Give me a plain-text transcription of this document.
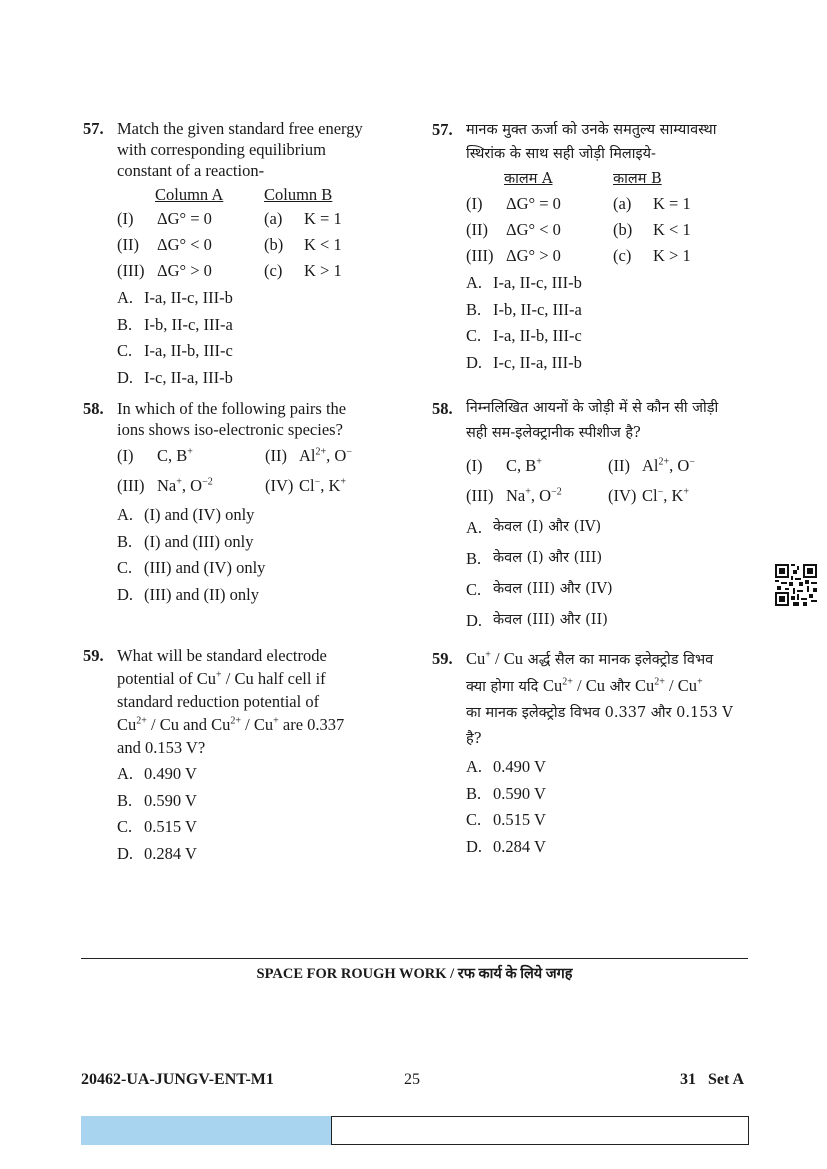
57. Match the given standard free energy
with corresponding equilibrium
constant of a reaction-
Column A	Column B
(I) ΔG° = 0	(a)	K = 1
(II) ΔG° < 0	(b)	K < 1
(III) ΔG° > 0	(c)	K > 1
A. I-a, II-c, III-b
B. I-b, II-c, III-a
C. I-a, II-b, III-c
D. I-c, II-a, III-b
58. In which of the following pairs the
ions shows iso-electronic species?
(I) C, B+	(II) $Al^{2+}$, O−
(III) Na+, $O^{-2}$	(IV) Cl−, K+
A. (I) and (IV) only
B. (I) and (III) only
C. (III) and (IV) only
D. (III) and (II) only
59. What will be standard electrode
potential of Cu+ / Cu half cell if
standard reduction potential of
$Cu^{2+}$ / Cu and $Cu^{2+} / Cu^+$ are 0.337
and 0.153 V?
A. 0.490 V
B. 0.590 V
C. 0.515 V
D. 0.284 V
57. मानक मुक्त ऊर्जा को उनके समतुल्य साम्यावस्था
स्थिरांक के साथ सही जोड़ी मिलाइये-
कालम A	कालम B
(I) ΔG° = 0	(a)	K = 1
(II) ΔG° < 0	(b)	K < 1
(III) ΔG° > 0	(c)	K > 1
A. I-a, II-c, III-b
B. I-b, II-c, III-a
C. I-a, II-b, III-c
D. I-c, II-a, III-b
58. निम्नलिखित आयनों के जोड़ी में से कौन सी जोड़ी
सही सम-इलेक्ट्रानीक स्पीशीज है?
(I) C, B+	(II) $Al^{2+}$, O−
(III) Na+, $O^{-2}$	(IV) Cl−, K+
A. केवल (I) और (IV)
B. केवल (I) और (III)
C. केवल (III) और (IV)
D. केवल (III) और (II)
59. Cu+ / Cu अर्द्ध सैल का मानक इलेक्ट्रोड विभव
क्या होगा यदि $Cu^{2+}$ / Cu और $Cu^{2+} / Cu^+$
का मानक इलेक्ट्रोड विभव 0.337 और 0.153 V
है?
A. 0.490 V
B. 0.590 V
C. 0.515 V
D. 0.284 V
SPACE FOR ROUGH WORK / रफ कार्य के लिये जगह
20462-UA-JUNGV-ENT-M1	25	31   Set A
